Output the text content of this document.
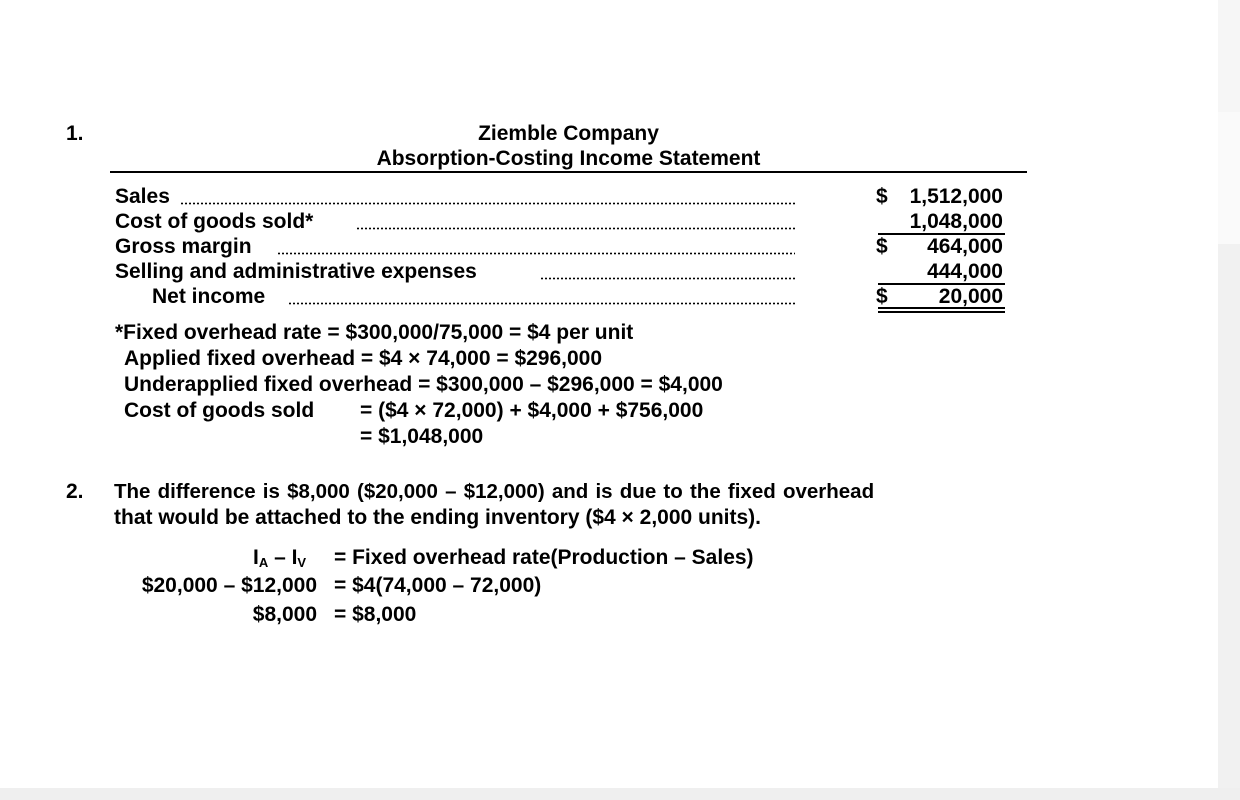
1.	Ziemble Company
Absorption-Costing Income Statement
Sales	$ 1,512,000
Cost of goods sold*	1,048,000
Gross margin	$ 464,000
Selling and administrative expenses	444,000
Net income	$ 20,000
*Fixed overhead rate = $300,000/75,000 = $4 per unit
Applied fixed overhead = $4 × 74,000 = $296,000
Underapplied fixed overhead = $300,000 – $296,000 = $4,000
Cost of goods sold = ($4 × 72,000) + $4,000 + $756,000
= $1,048,000
2. The difference is $8,000 ($20,000 – $12,000) and is due to the fixed overhead
that would be attached to the ending inventory ($4 × 2,000 units).
IA – IV = Fixed overhead rate(Production – Sales)
$20,000 – $12,000 = $4(74,000 – 72,000)
$8,000 = $8,000
